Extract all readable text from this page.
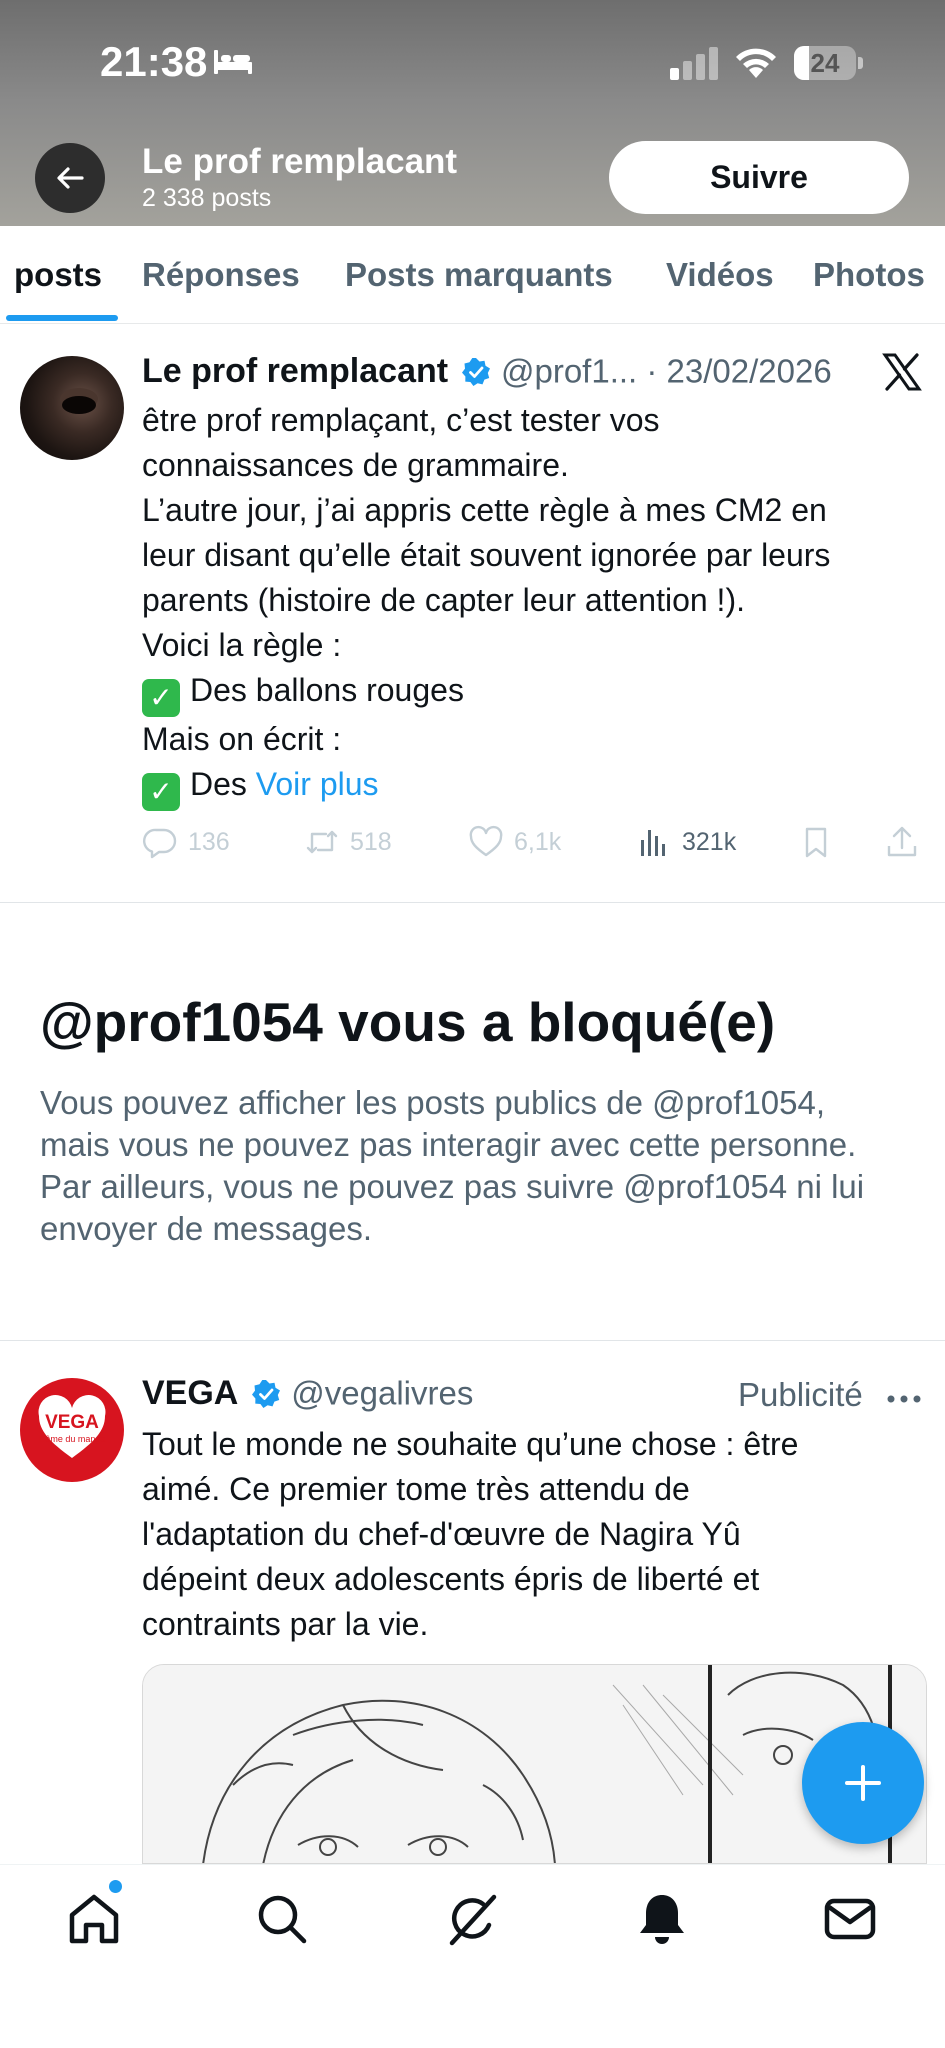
21:38	24
Le prof remplacant
2 338 posts
Suivre
posts Réponses Posts marquants Vidéos Photos
Le prof remplacant @prof1... · 23/02/2026
être prof remplaçant, c’est tester vos
connaissances de grammaire.
L’autre jour, j’ai appris cette règle à mes CM2 en
leur disant qu’elle était souvent ignorée par leurs
parents (histoire de capter leur attention !).
Voici la règle :
✓ Des ballons rouges
Mais on écrit :
✓ Des Voir plus
136	518	6,1k	321k
@prof1054 vous a bloqué(e)
Vous pouvez afficher les posts publics de @prof1054,
mais vous ne pouvez pas interagir avec cette personne.
Par ailleurs, vous ne pouvez pas suivre @prof1054 ni lui
envoyer de messages.
VEGA
L'âme du manga
VEGA @vegalivres	Publicité
Tout le monde ne souhaite qu’une chose : être
aimé. Ce premier tome très attendu de
l'adaptation du chef-d'œuvre de Nagira Yû
dépeint deux adolescents épris de liberté et
contraints par la vie.
